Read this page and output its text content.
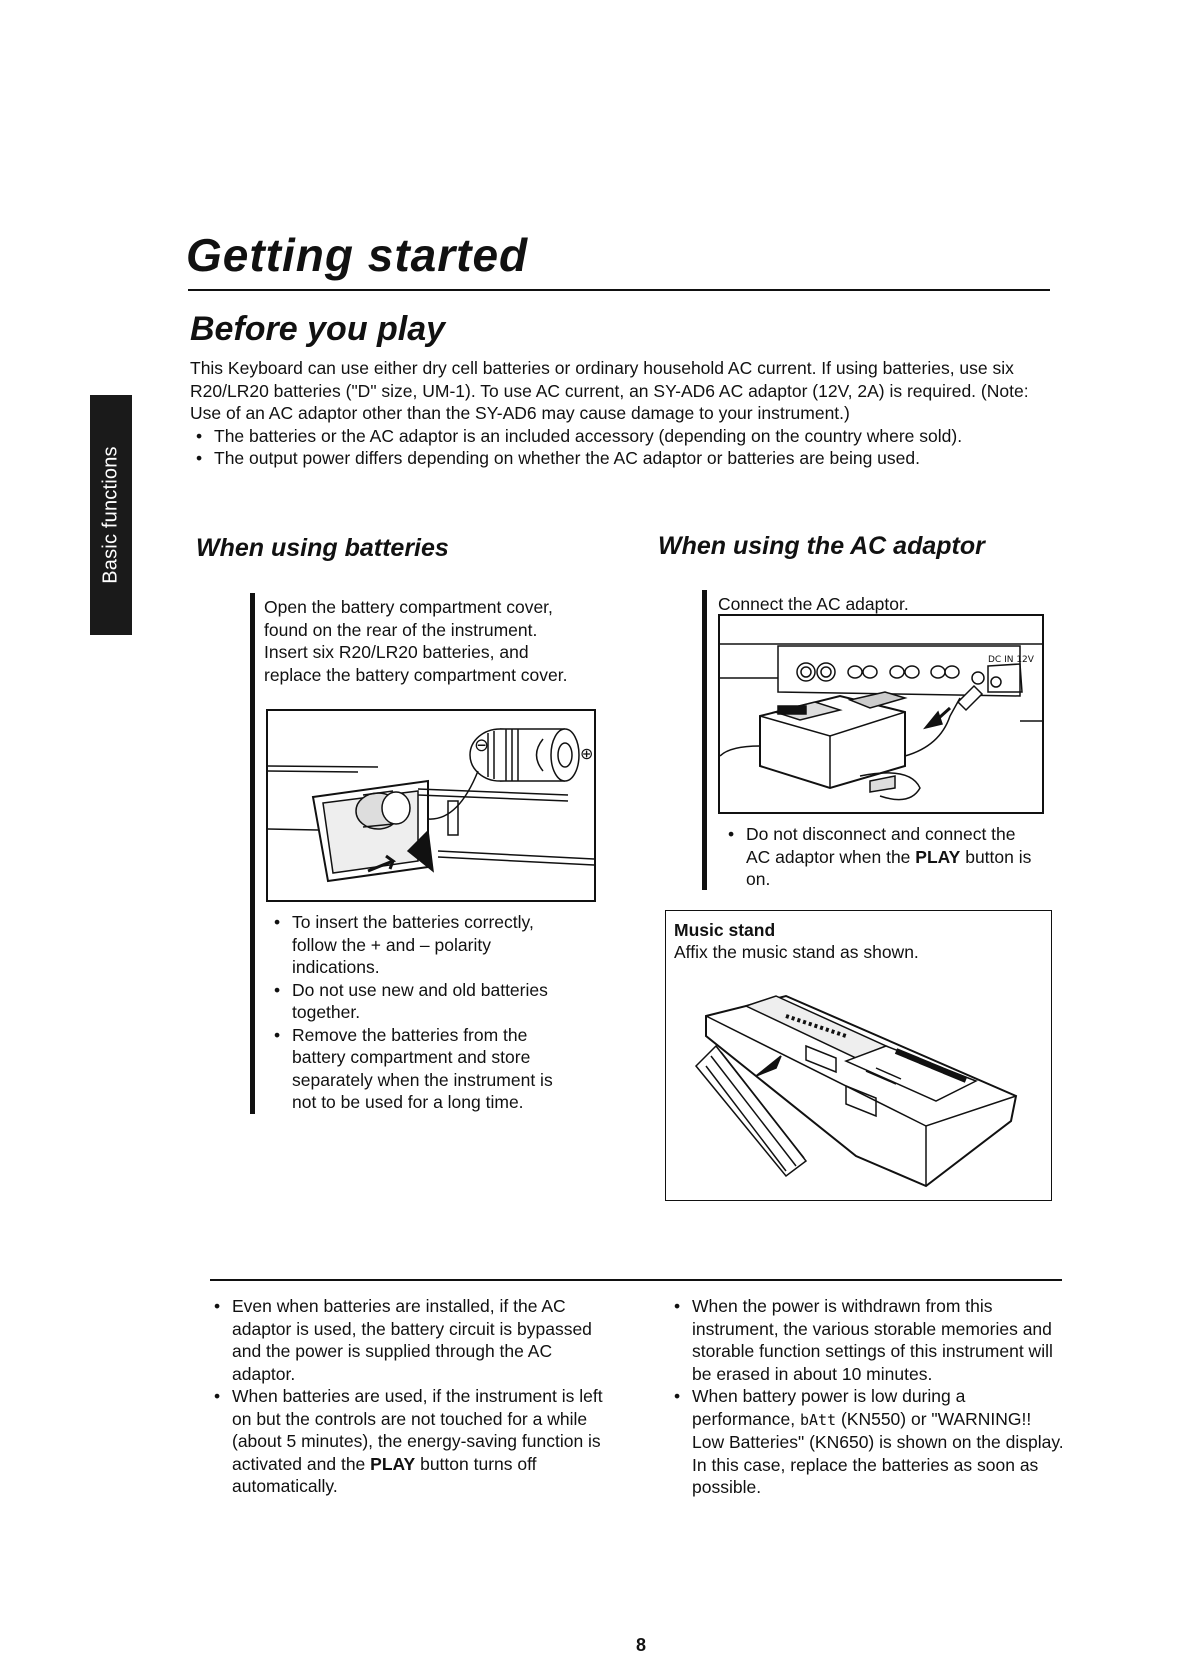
Basic functions
Getting started
Before you play

This Keyboard can use either dry cell batteries or ordinary household AC current. If using batteries, use six R20/LR20 batteries ("D" size, UM-1). To use AC current, an SY-AD6 AC adaptor (12V, 2A) is required. (Note: Use of an AC adaptor other than the SY-AD6 may cause damage to your instrument.)

• The batteries or the AC adaptor is an included accessory (depending on the country where sold).
• The output power differs depending on whether the AC adaptor or batteries are being used.
When using batteries	When using the AC adaptor
Open the battery compartment cover, found on the rear of the instrument. Insert six R20/LR20 batteries, and replace the battery compartment cover.
⊖	⊕
• To insert the batteries correctly, follow the + and – polarity indications.
• Do not use new and old batteries together.
• Remove the batteries from the battery compartment and store separately when the instrument is not to be used for a long time.
Connect the AC adaptor.
DC IN 12V
• Do not disconnect and connect the AC adaptor when the PLAY button is on.
Music stand
Affix the music stand as shown.
• Even when batteries are installed, if the AC adaptor is used, the battery circuit is bypassed and the power is supplied through the AC adaptor.
• When batteries are used, if the instrument is left on but the controls are not touched for a while (about 5 minutes), the energy-saving function is activated and the PLAY button turns off automatically.
• When the power is withdrawn from this instrument, the various storable memories and storable function settings of this instrument will be erased in about 10 minutes.
• When battery power is low during a performance, bAtt (KN550) or "WARNING!! Low Batteries" (KN650) is shown on the display. In this case, replace the batteries as soon as possible.
8
